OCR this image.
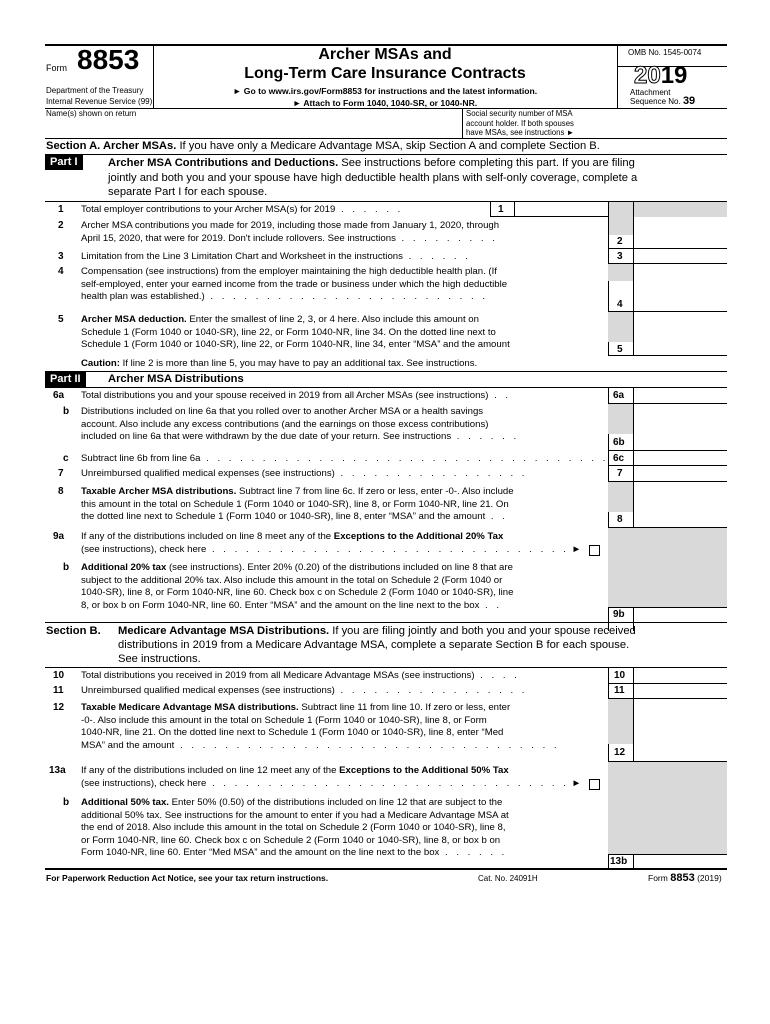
Form 8853
Department of the Treasury
Internal Revenue Service (99)
Archer MSAs and
Long-Term Care Insurance Contracts
► Go to www.irs.gov/Form8853 for instructions and the latest information.
► Attach to Form 1040, 1040-SR, or 1040-NR.
OMB No. 1545-0074
2019
Attachment
Sequence No. 39
Name(s) shown on return	Social security number of MSA
account holder. If both spouses
have MSAs, see instructions ►
Section A. Archer MSAs. If you have only a Medicare Advantage MSA, skip Section A and complete Section B.
Part I	Archer MSA Contributions and Deductions. See instructions before completing this part. If you are filing
jointly and both you and your spouse have high deductible health plans with self-only coverage, complete a
separate Part I for each spouse.
1
1 Total employer contributions to your Archer MSA(s) for 2019 . . . . . .
2 Archer MSA contributions you made for 2019, including those made from January 1, 2020, through
April 15, 2020, that were for 2019. Don't include rollovers. See instructions . . . . . . . . .	2
3 Limitation from the Line 3 Limitation Chart and Worksheet in the instructions . . . . . .	3
4 Compensation (see instructions) from the employer maintaining the high deductible health plan. (If
self-employed, enter your earned income from the trade or business under which the high deductible
health plan was established.) . . . . . . . . . . . . . . . . . . . . . . . . .
4
5 Archer MSA deduction. Enter the smallest of line 2, 3, or 4 here. Also include this amount on
Schedule 1 (Form 1040 or 1040-SR), line 22, or Form 1040-NR, line 34. On the dotted line next to
Schedule 1 (Form 1040 or 1040-SR), line 22, or Form 1040-NR, line 34, enter “MSA” and the amount	5
Caution: If line 2 is more than line 5, you may have to pay an additional tax. See instructions.
Part II	Archer MSA Distributions
6a Total distributions you and your spouse received in 2019 from all Archer MSAs (see instructions) . .	6a
b Distributions included on line 6a that you rolled over to another Archer MSA or a health savings
account. Also include any excess contributions (and the earnings on those excess contributions)
included on line 6a that were withdrawn by the due date of your return. See instructions . . . . . .
6b
c Subtract line 6b from line 6a . . . . . . . . . . . . . . . . . . . . . . . . . . . . . . . . . . . . 6c
7 Unreimbursed qualified medical expenses (see instructions) . . . . . . . . . . . . . . . . .	7
8 Taxable Archer MSA distributions. Subtract line 7 from line 6c. If zero or less, enter -0-. Also include
this amount in the total on Schedule 1 (Form 1040 or 1040-SR), line 8, or Form 1040-NR, line 21. On
the dotted line next to Schedule 1 (Form 1040 or 1040-SR), line 8, enter “MSA” and the amount . .	8
9a If any of the distributions included on line 8 meet any of the Exceptions to the Additional 20% Tax
(see instructions), check here . . . . . . . . . . . . . . . . . . . . . . . . . . . . . . . . ►
b Additional 20% tax (see instructions). Enter 20% (0.20) of the distributions included on line 8 that are
subject to the additional 20% tax. Also include this amount in the total on Schedule 2 (Form 1040 or
1040-SR), line 8, or Form 1040-NR, line 60. Check box c on Schedule 2 (Form 1040 or 1040-SR), line
8, or box b on Form 1040-NR, line 60. Enter “MSA” and the amount on the line next to the box . .
9b
Section B.	Medicare Advantage MSA Distributions. If you are filing jointly and both you and your spouse received
distributions in 2019 from a Medicare Advantage MSA, complete a separate Section B for each spouse.
See instructions.
10 Total distributions you received in 2019 from all Medicare Advantage MSAs (see instructions) . . . .	10
11 Unreimbursed qualified medical expenses (see instructions) . . . . . . . . . . . . . . . . .	11
12 Taxable Medicare Advantage MSA distributions. Subtract line 11 from line 10. If zero or less, enter
-0-. Also include this amount in the total on Schedule 1 (Form 1040 or 1040-SR), line 8, or Form
1040-NR, line 21. On the dotted line next to Schedule 1 (Form 1040 or 1040-SR), line 8, enter “Med
MSA” and the amount . . . . . . . . . . . . . . . . . . . . . . . . . . . . . . . . . .
12
13a If any of the distributions included on line 12 meet any of the Exceptions to the Additional 50% Tax
(see instructions), check here . . . . . . . . . . . . . . . . . . . . . . . . . . . . . . . . ►
b Additional 50% tax. Enter 50% (0.50) of the distributions included on line 12 that are subject to the
additional 50% tax. See instructions for the amount to enter if you had a Medicare Advantage MSA at
the end of 2018. Also include this amount in the total on Schedule 2 (Form 1040 or 1040-SR), line 8,
or Form 1040-NR, line 60. Check box c on Schedule 2 (Form 1040 or 1040-SR), line 8, or box b on
Form 1040-NR, line 60. Enter “Med MSA” and the amount on the line next to the box . . . . . .
13b
For Paperwork Reduction Act Notice, see your tax return instructions.	Cat. No. 24091H	Form 8853 (2019)
